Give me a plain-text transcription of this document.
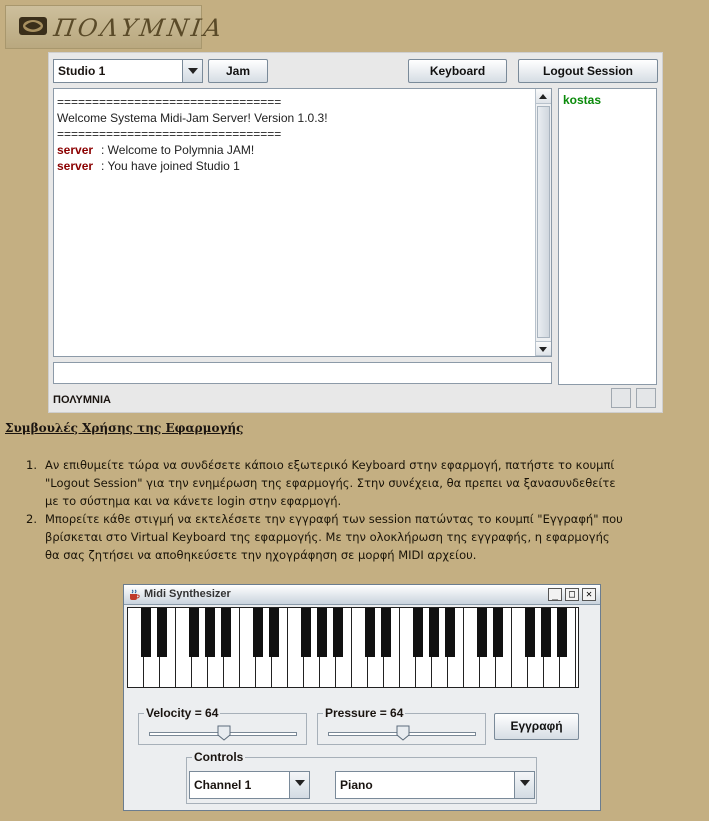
ΠΟΛΥΜΝΙΑ
Studio 1	Jam	Keyboard	Logout Session
================================
Welcome Systema Midi-Jam Server! Version 1.0.3!
================================
server : Welcome to Polymnia JAM!
server : You have joined Studio 1
kostas
ΠΟΛΥΜΝΙΑ
Συμβουλές Χρήσης της Εφαρμογής
1. Αν επιθυμείτε τώρα να συνδέσετε κάποιο εξωτερικό Keyboard στην εφαρμογή, πατήστε το κουμπί
"Logout Session" για την ενημέρωση της εφαρμογής. Στην συνέχεια, θα πρεπει να ξανασυνδεθείτε
με το σύστημα και να κάνετε login στην εφαρμογή.
2. Μπορείτε κάθε στιγμή να εκτελέσετε την εγγραφή των session πατώντας το κουμπί "Εγγραφή" που
βρίσκεται στο Virtual Keyboard της εφαρμογής. Με την ολοκλήρωση της εγγραφής, η εφαρμογής
θα σας ζητήσει να αποθηκεύσετε την ηχογράφηση σε μορφή MIDI αρχείου.
Midi Synthesizer	_	□	✕
Velocity = 64	Pressure = 64
Εγγραφή
Controls
Channel 1	Piano
